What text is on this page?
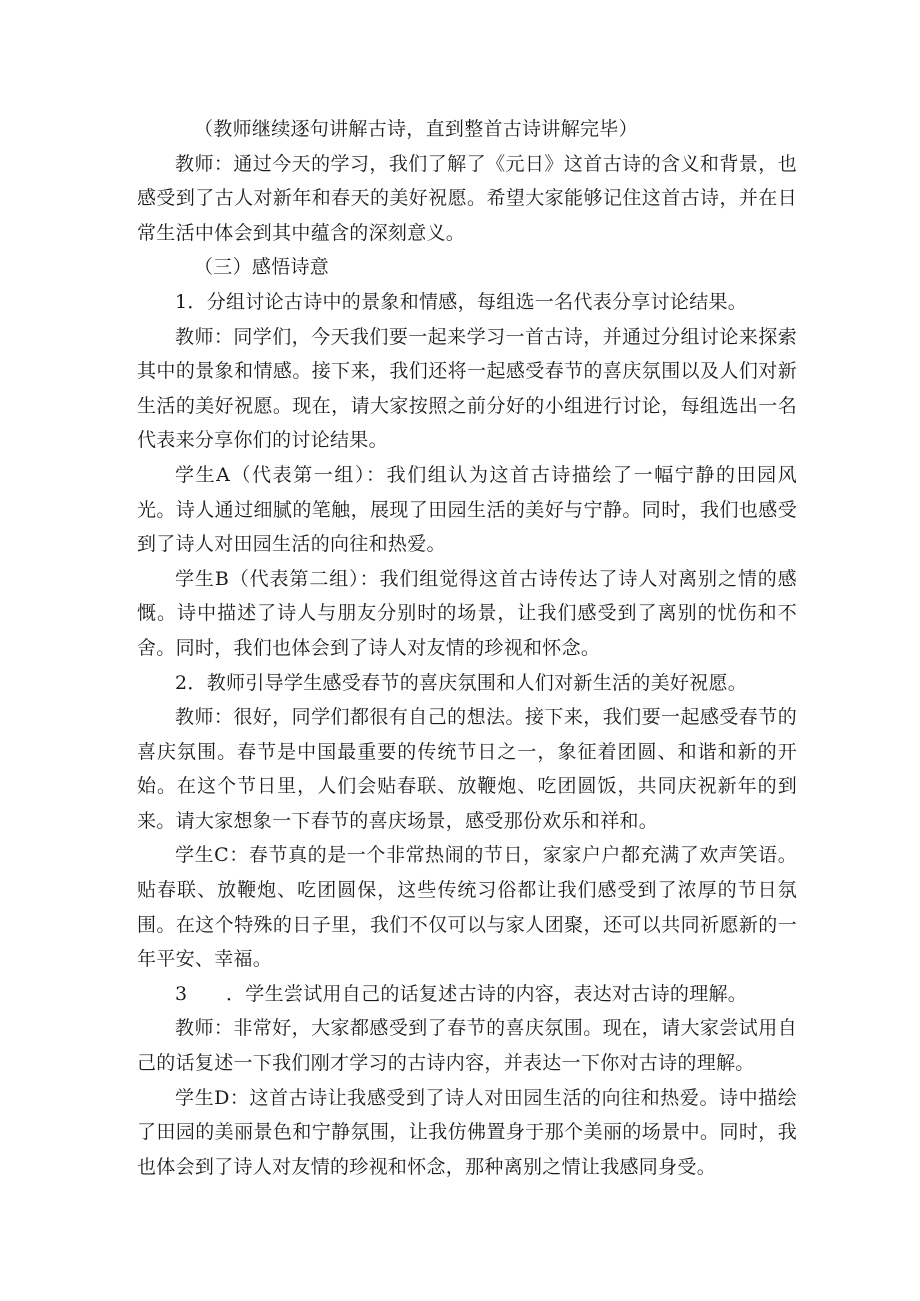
（教师继续逐句讲解古诗，直到整首古诗讲解完毕）

教师：通过今天的学习，我们了解了《元日》这首古诗的含义和背景，也感受到了古人对新年和春天的美好祝愿。希望大家能够记住这首古诗，并在日常生活中体会到其中蕴含的深刻意义。

（三）感悟诗意

1．分组讨论古诗中的景象和情感，每组选一名代表分享讨论结果。

教师：同学们，今天我们要一起来学习一首古诗，并通过分组讨论来探索其中的景象和情感。接下来，我们还将一起感受春节的喜庆氛围以及人们对新生活的美好祝愿。现在，请大家按照之前分好的小组进行讨论，每组选出一名代表来分享你们的讨论结果。

学生A（代表第一组）：我们组认为这首古诗描绘了一幅宁静的田园风光。诗人通过细腻的笔触，展现了田园生活的美好与宁静。同时，我们也感受到了诗人对田园生活的向往和热爱。

学生B（代表第二组）：我们组觉得这首古诗传达了诗人对离别之情的感慨。诗中描述了诗人与朋友分别时的场景，让我们感受到了离别的忧伤和不舍。同时，我们也体会到了诗人对友情的珍视和怀念。

2．教师引导学生感受春节的喜庆氛围和人们对新生活的美好祝愿。

教师：很好，同学们都很有自己的想法。接下来，我们要一起感受春节的喜庆氛围。春节是中国最重要的传统节日之一，象征着团圆、和谐和新的开始。在这个节日里，人们会贴春联、放鞭炮、吃团圆饭，共同庆祝新年的到来。请大家想象一下春节的喜庆场景，感受那份欢乐和祥和。

学生C：春节真的是一个非常热闹的节日，家家户户都充满了欢声笑语。贴春联、放鞭炮、吃团圆保，这些传统习俗都让我们感受到了浓厚的节日氛围。在这个特殊的日子里，我们不仅可以与家人团聚，还可以共同祈愿新的一年平安、幸福。

3　　．学生尝试用自己的话复述古诗的内容，表达对古诗的理解。

教师：非常好，大家都感受到了春节的喜庆氛围。现在，请大家尝试用自己的话复述一下我们刚才学习的古诗内容，并表达一下你对古诗的理解。

学生D：这首古诗让我感受到了诗人对田园生活的向往和热爱。诗中描绘了田园的美丽景色和宁静氛围，让我仿佛置身于那个美丽的场景中。同时，我也体会到了诗人对友情的珍视和怀念，那种离别之情让我感同身受。
